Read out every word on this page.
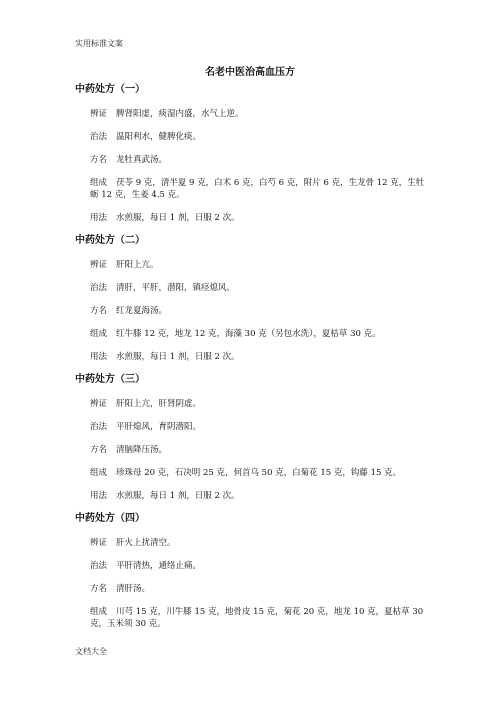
实用标准文案
名老中医治高血压方
中药处方（一）
辨证 脾肾阳虚，痰湿内盛，水气上逆。
治法 温阳利水，健脾化痰。
方名 龙牡真武汤。
组成 茯苓 9 克，清半夏 9 克，白术 6 克，白芍 6 克，附片 6 克，生龙骨 12 克，生牡蛎 12 克，生姜 4.5 克。
用法 水煎服，每日 1 剂，日服 2 次。
中药处方（二）
辨证 肝阳上亢。
治法 清肝，平肝，潜阳，镇痉熄风。
方名 红龙夏海汤。
组成 红牛膝 12 克，地龙 12 克，海藻 30 克（另包水洗），夏枯草 30 克。
用法 水煎服，每日 1 剂，日服 2 次。
中药处方（三）
辨证 肝阳上亢，肝肾阴虚。
治法 平肝熄风，育阴潜阳。
方名 清脑降压汤。
组成 珍珠母 20 克，石决明 25 克，何首乌 50 克，白菊花 15 克，钩藤 15 克。
用法 水煎服，每日 1 剂，日服 2 次。
中药处方（四）
辨证 肝火上扰清空。
治法 平肝清热，通络止痛。
方名 清肝汤。
组成 川芎 15 克，川牛膝 15 克，地骨皮 15 克，菊花 20 克，地龙 10 克，夏枯草 30 克，玉米须 30 克。
文档大全
